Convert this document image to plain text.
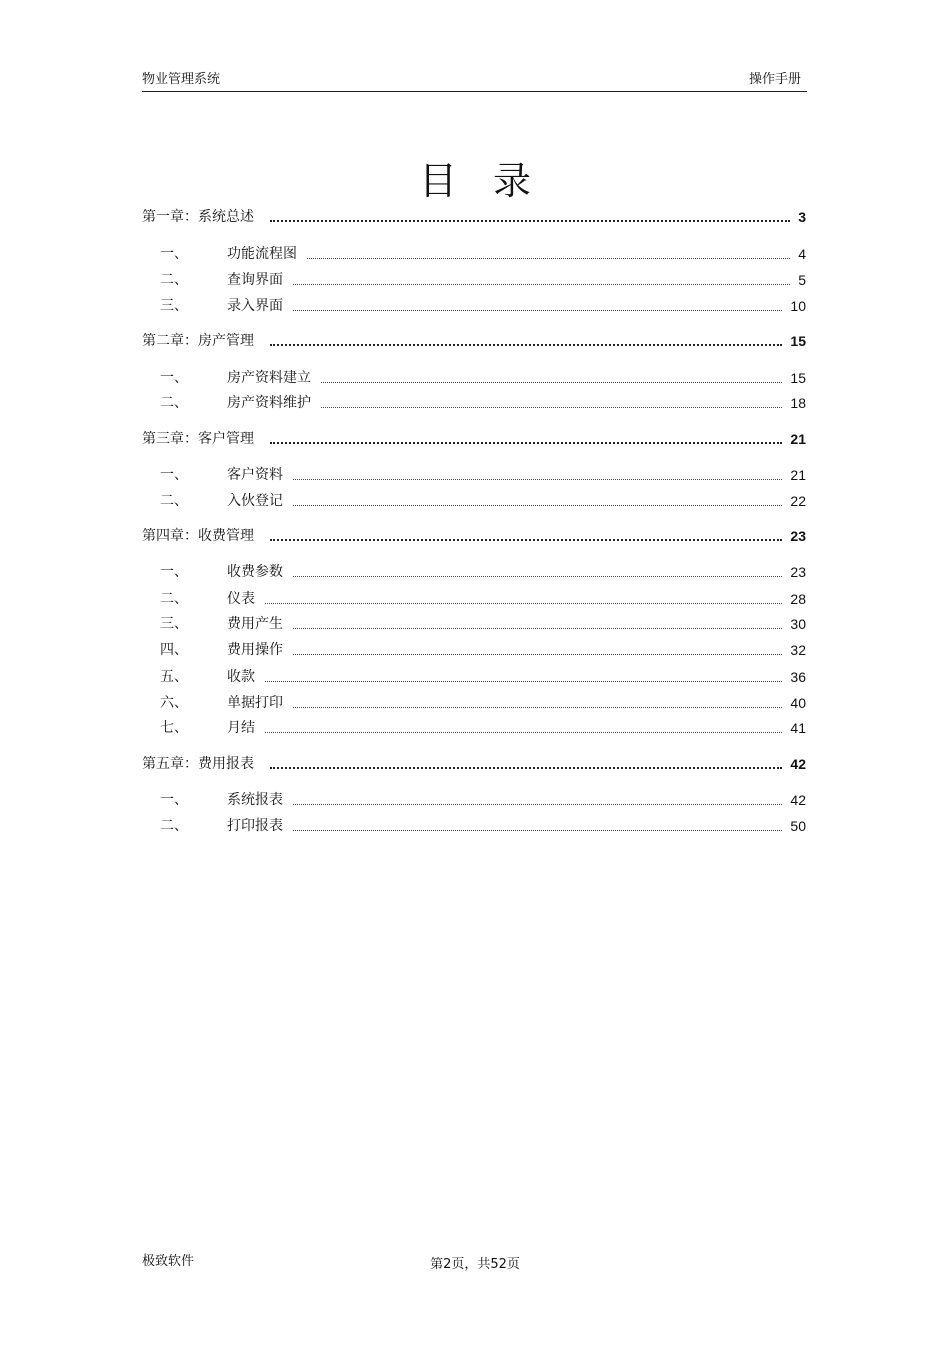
物业管理系统	操作手册
目录
第一章： 系统总述	3
一、	功能流程图	4
二、	查询界面	5
三、	录入界面	10
第二章： 房产管理	15
一、	房产资料建立	15
二、	房产资料维护	18
第三章： 客户管理	21
一、	客户资料	21
二、	入伙登记	22
第四章： 收费管理	23
一、	收费参数	23
二、	仪表	28
三、	费用产生	30
四、	费用操作	32
五、	收款	36
六、	单据打印	40
七、	月结	41
第五章： 费用报表	42
一、	系统报表	42
二、	打印报表	50
极致软件	第2页，共52页
